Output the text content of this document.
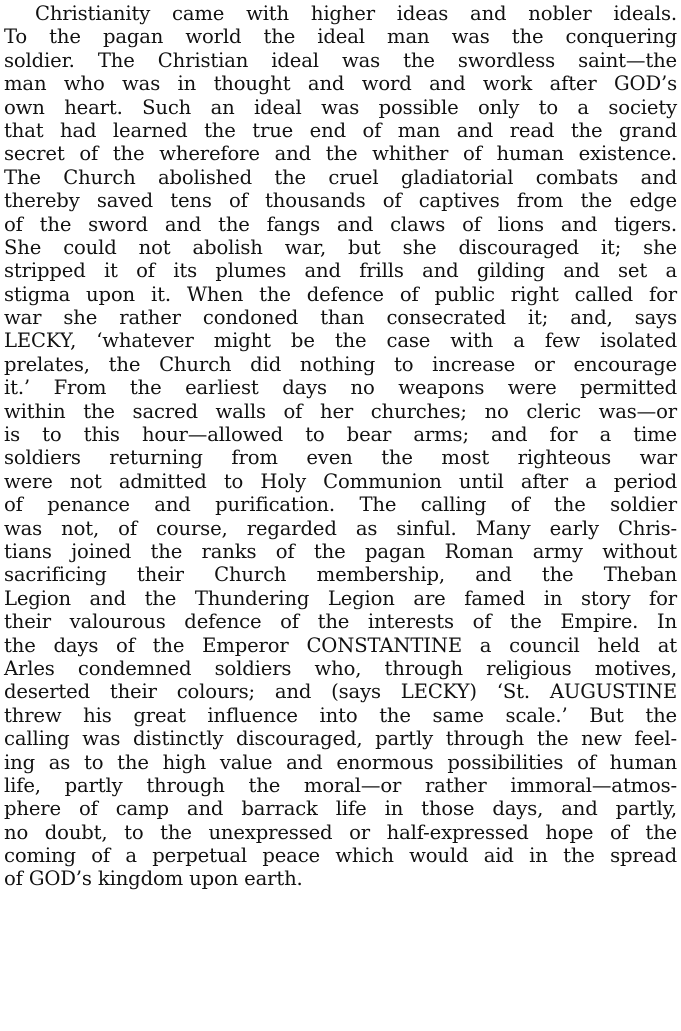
Christianity came with higher ideas and nobler ideals.
To the pagan world the ideal man was the conquering
soldier. The Christian ideal was the swordless saint—the
man who was in thought and word and work after GOD’s
own heart. Such an ideal was possible only to a society
that had learned the true end of man and read the grand
secret of the wherefore and the whither of human existence.
The Church abolished the cruel gladiatorial combats and
thereby saved tens of thousands of captives from the edge
of the sword and the fangs and claws of lions and tigers.
She could not abolish war, but she discouraged it; she
stripped it of its plumes and frills and gilding and set a
stigma upon it. When the defence of public right called for
war she rather condoned than consecrated it; and, says
LECKY, ‘whatever might be the case with a few isolated
prelates, the Church did nothing to increase or encourage
it.’ From the earliest days no weapons were permitted
within the sacred walls of her churches; no cleric was—or
is to this hour—allowed to bear arms; and for a time
soldiers returning from even the most righteous war
were not admitted to Holy Communion until after a period
of penance and purification. The calling of the soldier
was not, of course, regarded as sinful. Many early Chris-
tians joined the ranks of the pagan Roman army without
sacrificing their Church membership, and the Theban
Legion and the Thundering Legion are famed in story for
their valourous defence of the interests of the Empire. In
the days of the Emperor CONSTANTINE a council held at
Arles condemned soldiers who, through religious motives,
deserted their colours; and (says LECKY) ‘St. AUGUSTINE
threw his great influence into the same scale.’ But the
calling was distinctly discouraged, partly through the new feel-
ing as to the high value and enormous possibilities of human
life, partly through the moral—or rather immoral—atmos-
phere of camp and barrack life in those days, and partly,
no doubt, to the unexpressed or half-expressed hope of the
coming of a perpetual peace which would aid in the spread
of GOD’s kingdom upon earth.
